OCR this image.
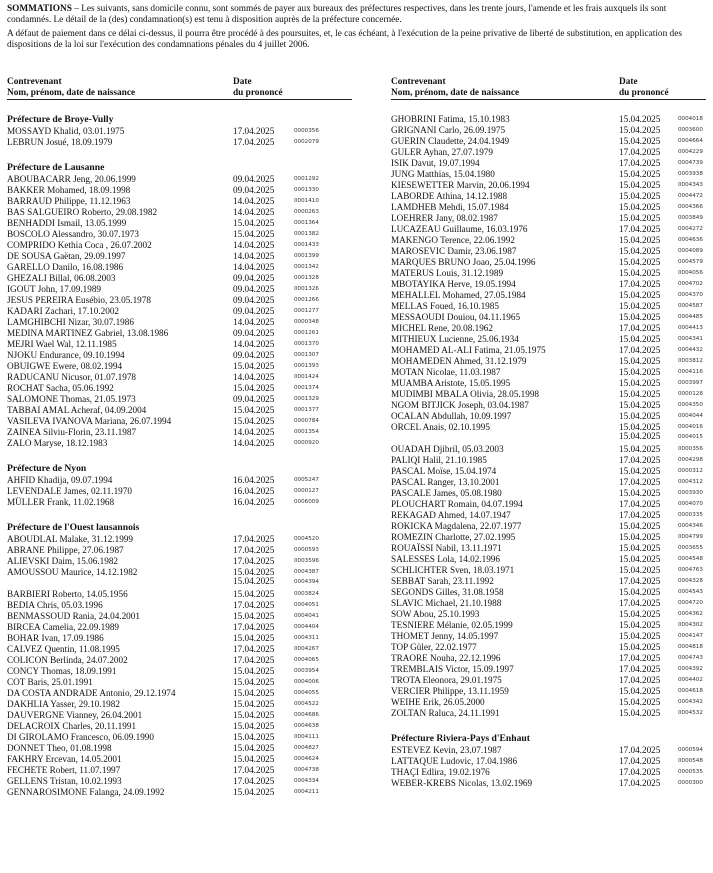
SOMMATIONS – Les suivants, sans domicile connu, sont sommés de payer aux bureaux des préfectures respectives, dans les trente jours, l'amende et les frais auxquels ils sont condamnés. Le détail de la (des) condamnation(s) est tenu à disposition auprès de la préfecture concernée.

A défaut de paiement dans ce délai ci-dessus, il pourra être procédé à des poursuites, et, le cas échéant, à l'exécution de la peine privative de liberté de substitution, en application des dispositions de la loi sur l'exécution des condamnations pénales du 4 juillet 2006.

Contrevenant
Nom, prénom, date de naissance
Date
du prononcé
Préfecture de Broye-Vully
MOSSAYD Khalid, 03.01.1975	17.04.2025	0000356
LEBRUN Josué, 18.09.1979	17.04.2025	0002079
Préfecture de Lausanne
ABOUBACARR Jeng, 20.06.1999	09.04.2025	0001292
BAKKER Mohamed, 18.09.1998	09.04.2025	0001330
BARRAUD Philippe, 11.12.1963	14.04.2025	0001410
BAS SALGUEIRO Roberto, 29.08.1982	14.04.2025	0000263
BENHADDI Ismail, 13.05.1999	15.04.2025	0001364
BOSCOLO Alessandro, 30.07.1973	15.04.2025	0001382
COMPRIDO Kethia Coca , 26.07.2002	14.04.2025	0001433
DE SOUSA Gaëtan, 29.09.1997	14.04.2025	0001399
GARELLO Danilo, 16.08.1986	14.04.2025	0001342
GHEZALI Billal, 06.08.2003	09.04.2025	0001328
IGOUT John, 17.09.1989	09.04.2025	0001326
JESUS PEREIRA Eusébio, 23.05.1978	09.04.2025	0001266
KADARI Zachari, 17.10.2002	09.04.2025	0001277
LAMGHIBCHI Nizar, 30.07.1986	14.04.2025	0000348
MEDINA MARTINEZ Gabriel, 13.08.1986	09.04.2025	0001261
MEJRI Wael Wal, 12.11.1985	14.04.2025	0001370
NJOKU Endurance, 09.10.1994	09.04.2025	0001307
OBUIGWE Ewere, 08.02.1994	15.04.2025	0001393
RADUCANU Nicusor, 01.07.1978	14.04.2025	0001424
ROCHAT Sacha, 05.06.1992	15.04.2025	0001374
SALOMONE Thomas, 21.05.1973	09.04.2025	0001329
TABBAI AMAL Acheraf, 04.09.2004	15.04.2025	0001377
VASILEVA IVANOVA Mariana, 26.07.1994	15.04.2025	0000784
ZAINEA Silviu-Florin, 23.11.1987	14.04.2025	0001354
ZALO Maryse, 18.12.1983	14.04.2025	0000920
Préfecture de Nyon
AHFID Khadija, 09.07.1994	16.04.2025	0005247
LEVENDALE James, 02.11.1970	16.04.2025	0000127
MÜLLER Frank, 11.02.1968	16.04.2025	0006009
Préfecture de l'Ouest lausannois
ABOUDLAL Malake, 31.12.1999	17.04.2025	0004520
ABRANE Philippe, 27.06.1987	17.04.2025	0000593
ALIEVSKI Daim, 15.06.1982	17.04.2025	0003596
AMOUSSOU Maurice, 14.12.1982	15.04.2025	0004387
15.04.2025	0004394
BARBIERI Roberto, 14.05.1956	15.04.2025	0003824
BEDIA Chris, 05.03.1996	17.04.2025	0004051
BENMASSOUD Rania, 24.04.2001	15.04.2025	0004041
BIRCEA Camelia, 22.09.1989	17.04.2025	0004404
BOHAR Ivan, 17.09.1986	15.04.2025	0004311
CALVEZ Quentin, 11.08.1995	17.04.2025	0004267
COLICON Berlinda, 24.07.2002	17.04.2025	0004065
CONCY Thomas, 18.09.1991	15.04.2025	0003954
COT Baris, 25.01.1991	15.04.2025	0004006
DA COSTA ANDRADE Antonio, 29.12.1974	15.04.2025	0004055
DAKHLIA Yasser, 29.10.1982	15.04.2025	0004522
DAUVERGNE Vianney, 26.04.2001	15.04.2025	0004686
DELACROIX Charles, 20.11.1991	15.04.2025	0004638
DI GIROLAMO Francesco, 06.09.1990	15.04.2025	0004111
DONNET Theo, 01.08.1998	15.04.2025	0004827
FAKHRY Ercevan, 14.05.2001	15.04.2025	0004624
FECHETE Robert, 11.07.1997	17.04.2025	0004738
GELLENS Tristan, 10.02.1993	17.04.2025	0004334
GENNAROSIMONE Falanga, 24.09.1992	15.04.2025	0004211
Contrevenant
Nom, prénom, date de naissance
Date
du prononcé
GHOBRINI Fatima, 15.10.1983	15.04.2025	0004018
GRIGNANI Carlo, 26.09.1975	15.04.2025	0003600
GUERIN Claudette, 24.04.1949	15.04.2025	0004664
GULER Ayhan, 27.07.1979	17.04.2025	0004229
ISIK Davut, 19.07.1994	17.04.2025	0004739
JUNG Matthias, 15.04.1980	15.04.2025	0003938
KIESEWETTER Marvin, 20.06.1994	15.04.2025	0004343
LABORDE Athina, 14.12.1988	15.04.2025	0004472
LAMDHEB Mehdi, 15.07.1984	15.04.2025	0004366
LOEHRER Jany, 08.02.1987	15.04.2025	0003849
LUCAZEAU Guillaume, 16.03.1976	17.04.2025	0004272
MAKENGO Terence, 22.06.1992	15.04.2025	0004636
MAROSEVIC Damir, 23.06.1987	15.04.2025	0004089
MARQUES BRUNO Joao, 25.04.1996	15.04.2025	0004579
MATERUS Louis, 31.12.1989	15.04.2025	0004056
MBOTAYIKA Herve, 19.05.1994	17.04.2025	0004702
MEHALLEL Mohamed, 27.05.1984	15.04.2025	0004370
MELLAS Foued, 16.10.1985	15.04.2025	0004587
MESSAOUDI Douiou, 04.11.1965	15.04.2025	0004485
MICHEL Rene, 20.08.1962	17.04.2025	0004413
MITHIEUX Lucienne, 25.06.1934	15.04.2025	0004341
MOHAMED AL-ALI Fatima, 21.05.1975	17.04.2025	0004432
MOHAMEDEN Ahmed, 31.12.1979	15.04.2025	0003812
MOTAN Nicolae, 11.03.1987	15.04.2025	0004116
MUAMBA Aristote, 15.05.1995	15.04.2025	0003997
MUDIMBI MBALA Olivia, 28.05.1998	15.04.2025	0000128
NGOM BITJICK Joseph, 03.04.1987	15.04.2025	0004350
OCALAN Abdullah, 10.09.1997	15.04.2025	0004044
ORCEL Anais, 02.10.1995	15.04.2025	0004016
15.04.2025	0004015
OUADAH Djibril, 05.03.2003	15.04.2025	0000356
PALIQI Halil, 21.10.1985	17.04.2025	0004298
PASCAL Moïse, 15.04.1974	15.04.2025	0000312
PASCAL Ranger, 13.10.2001	17.04.2025	0004312
PASCALE James, 05.08.1980	15.04.2025	0003930
PLOUCHART Romain, 04.07.1994	17.04.2025	0004070
REKAGAD Ahmed, 14.07.1947	17.04.2025	0000335
ROKICKA Magdalena, 22.07.1977	15.04.2025	0004346
ROMEZIN Charlotte, 27.02.1995	15.04.2025	0004799
ROUAÏSSI Nabil, 13.11.1971	15.04.2025	0003655
SALESSES Lola, 14.02.1996	15.04.2025	0004548
SCHLICHTER Sven, 18.03.1971	15.04.2025	0004763
SEBBAT Sarah, 23.11.1992	17.04.2025	0004328
SEGONDS Gilles, 31.08.1958	15.04.2025	0004543
SLAVIC Michael, 21.10.1988	17.04.2025	0004720
SOW Abou, 25.10.1993	15.04.2025	0004362
TESNIERE Mélanie, 02.05.1999	15.04.2025	0004302
THOMET Jenny, 14.05.1997	15.04.2025	0004147
TOP Güler, 22.02.1977	15.04.2025	0004818
TRAORE Nouha, 22.12.1996	17.04.2025	0004743
TREMBLAIS Victor, 15.09.1997	17.04.2025	0004392
TROTA Eleonora, 29.01.1975	17.04.2025	0004402
VERCIER Philippe, 13.11.1959	15.04.2025	0004618
WEIHE Erik, 26.05.2000	15.04.2025	0004342
ZOLTAN Raluca, 24.11.1991	15.04.2025	0004532
Préfecture Riviera-Pays d'Enhaut
ESTEVEZ Kevin, 23.07.1987	17.04.2025	0000594
LATTAQUE Ludovic, 17.04.1986	17.04.2025	0000548
THAÇI Edlira, 19.02.1976	17.04.2025	0000535
WEBER-KREBS Nicolas, 13.02.1969	17.04.2025	0000300
